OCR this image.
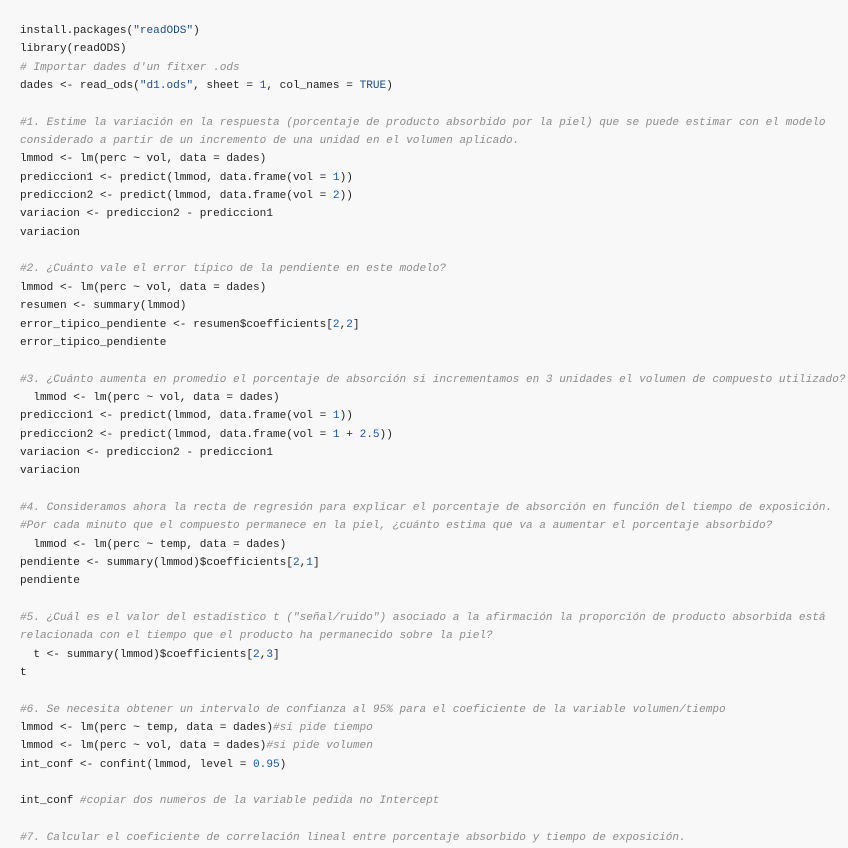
install.packages("readODS")
library(readODS)
# Importar dades d'un fitxer .ods
dades <- read_ods("d1.ods", sheet = 1, col_names = TRUE)

#1. Estime la variación en la respuesta (porcentaje de producto absorbido por la piel) que se puede estimar con el modelo
considerado a partir de un incremento de una unidad en el volumen aplicado.
lmmod <- lm(perc ~ vol, data = dades)
prediccion1 <- predict(lmmod, data.frame(vol = 1))
prediccion2 <- predict(lmmod, data.frame(vol = 2))
variacion <- prediccion2 - prediccion1
variacion

#2. ¿Cuánto vale el error típico de la pendiente en este modelo?
lmmod <- lm(perc ~ vol, data = dades)
resumen <- summary(lmmod)
error_tipico_pendiente <- resumen$coefficients[2,2]
error_tipico_pendiente

#3. ¿Cuánto aumenta en promedio el porcentaje de absorción si incrementamos en 3 unidades el volumen de compuesto utilizado?
lmmod <- lm(perc ~ vol, data = dades)
prediccion1 <- predict(lmmod, data.frame(vol = 1))
prediccion2 <- predict(lmmod, data.frame(vol = 1 + 2.5))
variacion <- prediccion2 - prediccion1
variacion

#4. Consideramos ahora la recta de regresión para explicar el porcentaje de absorción en función del tiempo de exposición.
#Por cada minuto que el compuesto permanece en la piel, ¿cuánto estima que va a aumentar el porcentaje absorbido?
lmmod <- lm(perc ~ temp, data = dades)
pendiente <- summary(lmmod)$coefficients[2,1]
pendiente

#5. ¿Cuál es el valor del estadístico t ("señal/ruido") asociado a la afirmación la proporción de producto absorbida está
relacionada con el tiempo que el producto ha permanecido sobre la piel?
t <- summary(lmmod)$coefficients[2,3]
t

#6. Se necesita obtener un intervalo de confianza al 95% para el coeficiente de la variable volumen/tiempo
lmmod <- lm(perc ~ temp, data = dades)#si pide tiempo
lmmod <- lm(perc ~ vol, data = dades)#si pide volumen
int_conf <- confint(lmmod, level = 0.95)

int_conf #copiar dos numeros de la variable pedida no Intercept

#7. Calcular el coeficiente de correlación lineal entre porcentaje absorbido y tiempo de exposición.
